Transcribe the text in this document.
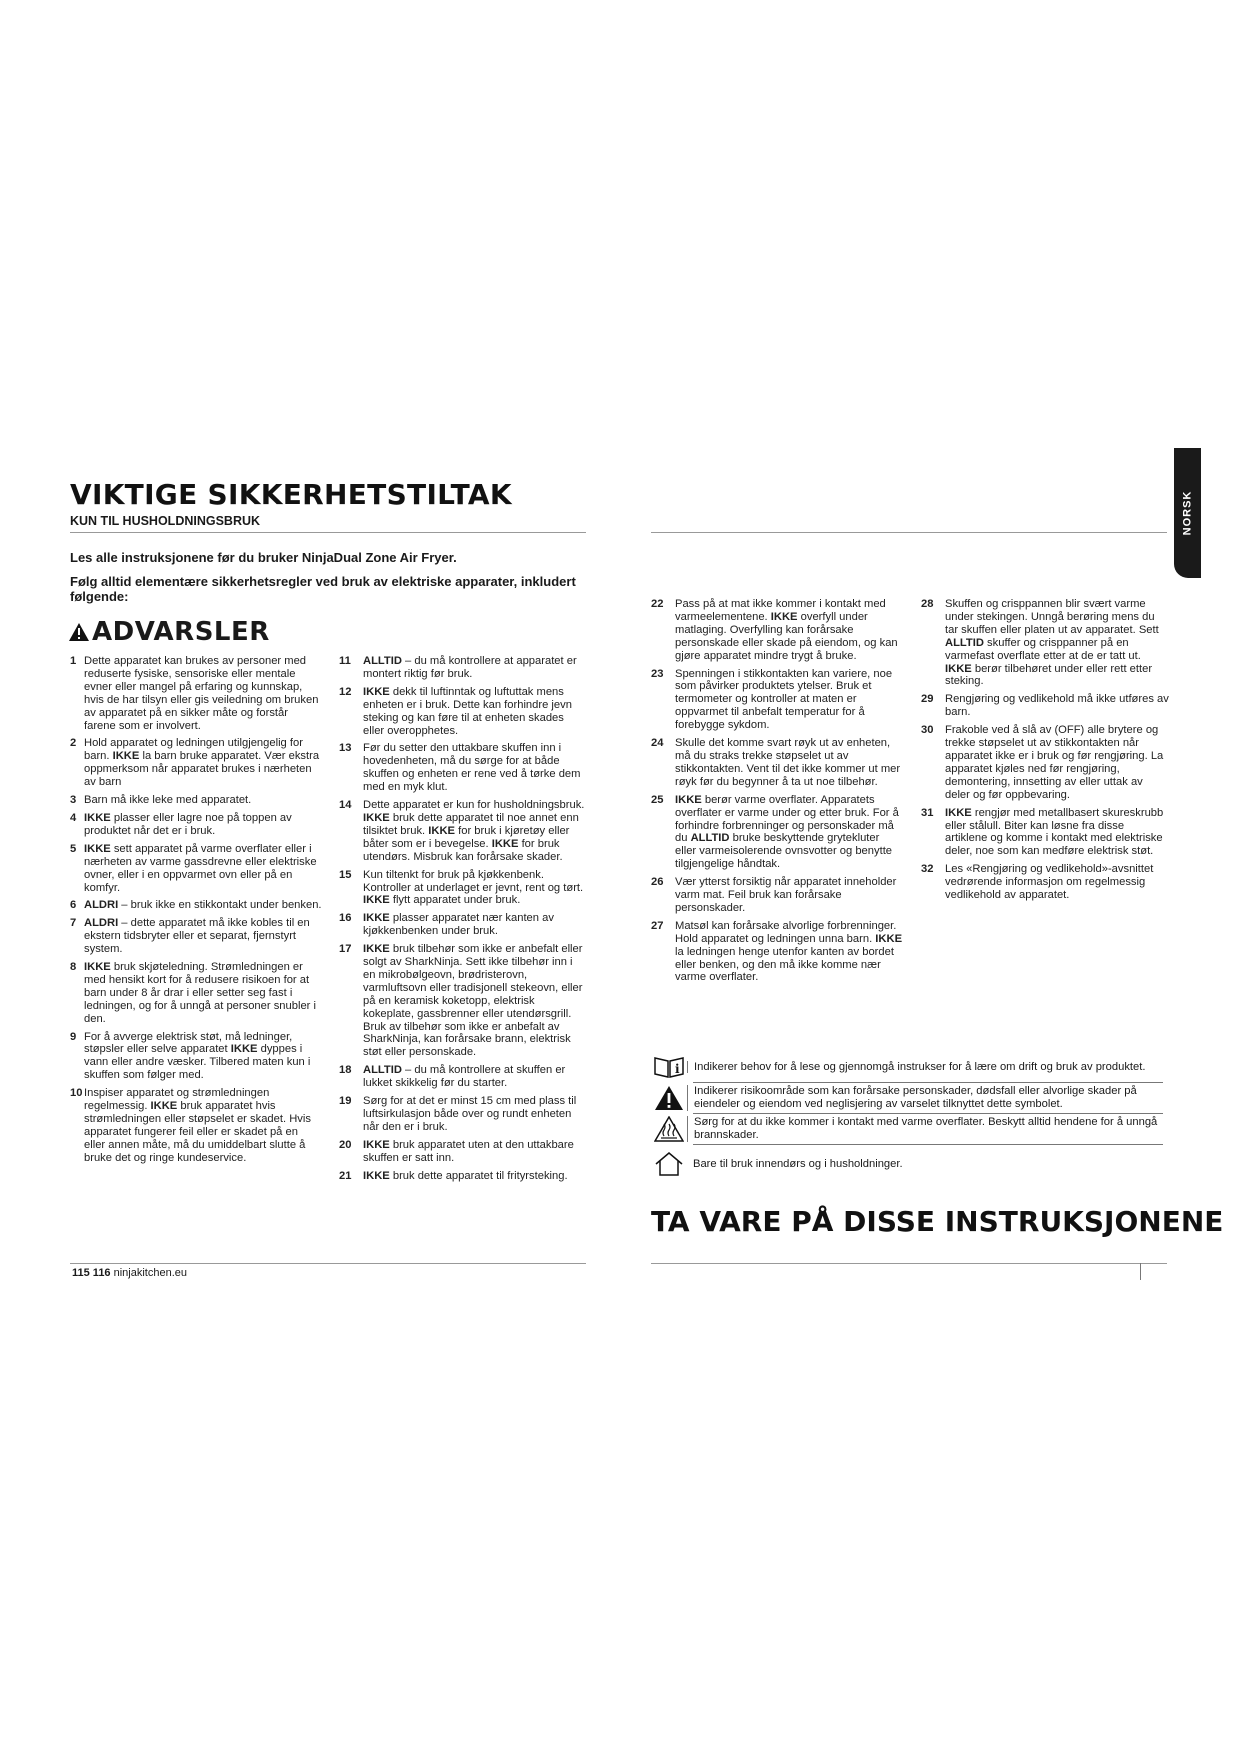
VIKTIGE SIKKERHETSTILTAK
KUN TIL HUSHOLDNINGSBRUK	NORSK
Les alle instruksjonene før du bruker NinjaDual Zone Air Fryer.
Følg alltid elementære sikkerhetsregler ved bruk av elektriske apparater, inkludert følgende:
ADVARSLER
1 Dette apparatet kan brukes av personer med reduserte fysiske, sensoriske eller mentale evner eller mangel på erfaring og kunnskap, hvis de har tilsyn eller gis veiledning om bruken av apparatet på en sikker måte og forstår farene som er involvert.
2 Hold apparatet og ledningen utilgjengelig for barn. IKKE la barn bruke apparatet. Vær ekstra oppmerksom når apparatet brukes i nærheten av barn
3 Barn må ikke leke med apparatet.
4 IKKE plasser eller lagre noe på toppen av produktet når det er i bruk.
5 IKKE sett apparatet på varme overflater eller i nærheten av varme gassdrevne eller elektriske ovner, eller i en oppvarmet ovn eller på en komfyr.
6 ALDRI – bruk ikke en stikkontakt under benken.
7 ALDRI – dette apparatet må ikke kobles til en ekstern tidsbryter eller et separat, fjernstyrt system.
8 IKKE bruk skjøteledning. Strømledningen er med hensikt kort for å redusere risikoen for at barn under 8 år drar i eller setter seg fast i ledningen, og for å unngå at personer snubler i den.
9 For å avverge elektrisk støt, må ledninger, støpsler eller selve apparatet IKKE dyppes i vann eller andre væsker. Tilbered maten kun i skuffen som følger med.
10 Inspiser apparatet og strømledningen regelmessig. IKKE bruk apparatet hvis strømledningen eller støpselet er skadet. Hvis apparatet fungerer feil eller er skadet på en eller annen måte, må du umiddelbart slutte å bruke det og ringe kundeservice.
11	ALLTID – du må kontrollere at apparatet er montert riktig før bruk.
12	IKKE dekk til luftinntak og luftuttak mens enheten er i bruk. Dette kan forhindre jevn steking og kan føre til at enheten skades eller overopphetes.
13	Før du setter den uttakbare skuffen inn i hovedenheten, må du sørge for at både skuffen og enheten er rene ved å tørke dem med en myk klut.
14	Dette apparatet er kun for husholdningsbruk. IKKE bruk dette apparatet til noe annet enn tilsiktet bruk. IKKE for bruk i kjøretøy eller båter som er i bevegelse. IKKE for bruk utendørs. Misbruk kan forårsake skader.
15	Kun tiltenkt for bruk på kjøkkenbenk. Kontroller at underlaget er jevnt, rent og tørt. IKKE flytt apparatet under bruk.
16	IKKE plasser apparatet nær kanten av kjøkkenbenken under bruk.
17	IKKE bruk tilbehør som ikke er anbefalt eller solgt av SharkNinja. Sett ikke tilbehør inn i en mikrobølgeovn, brødristerovn, varmluftsovn eller tradisjonell stekeovn, eller på en keramisk koketopp, elektrisk kokeplate, gassbrenner eller utendørsgrill. Bruk av tilbehør som ikke er anbefalt av SharkNinja, kan forårsake brann, elektrisk støt eller personskade.
18	ALLTID – du må kontrollere at skuffen er lukket skikkelig før du starter.
19	Sørg for at det er minst 15 cm med plass til luftsirkulasjon både over og rundt enheten når den er i bruk.
20	IKKE bruk apparatet uten at den uttakbare skuffen er satt inn.
21	IKKE bruk dette apparatet til frityrsteking.
22	Pass på at mat ikke kommer i kontakt med varmeelementene. IKKE overfyll under matlaging. Overfylling kan forårsake personskade eller skade på eiendom, og kan gjøre apparatet mindre trygt å bruke.
23	Spenningen i stikkontakten kan variere, noe som påvirker produktets ytelser. Bruk et termometer og kontroller at maten er oppvarmet til anbefalt temperatur for å forebygge sykdom.
24	Skulle det komme svart røyk ut av enheten, må du straks trekke støpselet ut av stikkontakten. Vent til det ikke kommer ut mer røyk før du begynner å ta ut noe tilbehør.
25	IKKE berør varme overflater. Apparatets overflater er varme under og etter bruk. For å forhindre forbrenninger og personskader må du ALLTID bruke beskyttende grytekluter eller varmeisolerende ovnsvotter og benytte tilgjengelige håndtak.
26	Vær ytterst forsiktig når apparatet inneholder varm mat. Feil bruk kan forårsake personskader.
27	Matsøl kan forårsake alvorlige forbrenninger. Hold apparatet og ledningen unna barn. IKKE la ledningen henge utenfor kanten av bordet eller benken, og den må ikke komme nær varme overflater.
28	Skuffen og crisppannen blir svært varme under stekingen. Unngå berøring mens du tar skuffen eller platen ut av apparatet. Sett ALLTID skuffer og crisppanner på en varmefast overflate etter at de er tatt ut. IKKE berør tilbehøret under eller rett etter steking.
29	Rengjøring og vedlikehold må ikke utføres av barn.
30	Frakoble ved å slå av (OFF) alle brytere og trekke støpselet ut av stikkontakten når apparatet ikke er i bruk og før rengjøring. La apparatet kjøles ned før rengjøring, demontering, innsetting av eller uttak av deler og før oppbevaring.
31	IKKE rengjør med metallbasert skureskrubb eller stålull. Biter kan løsne fra disse artiklene og komme i kontakt med elektriske deler, noe som kan medføre elektrisk støt.
32	Les «Rengjøring og vedlikehold»-avsnittet vedrørende informasjon om regelmessig vedlikehold av apparatet.
i	Indikerer behov for å lese og gjennomgå instrukser for å lære om drift og bruk av produktet.
Indikerer risikoområde som kan forårsake personskader, dødsfall eller alvorlige skader på eiendeler og eiendom ved neglisjering av varselet tilknyttet dette symbolet.
Sørg for at du ikke kommer i kontakt med varme overflater. Beskytt alltid hendene for å unngå brannskader.
Bare til bruk innendørs og i husholdninger.
TA VARE PÅ DISSE INSTRUKSJONENE
115 116 ninjakitchen.eu
